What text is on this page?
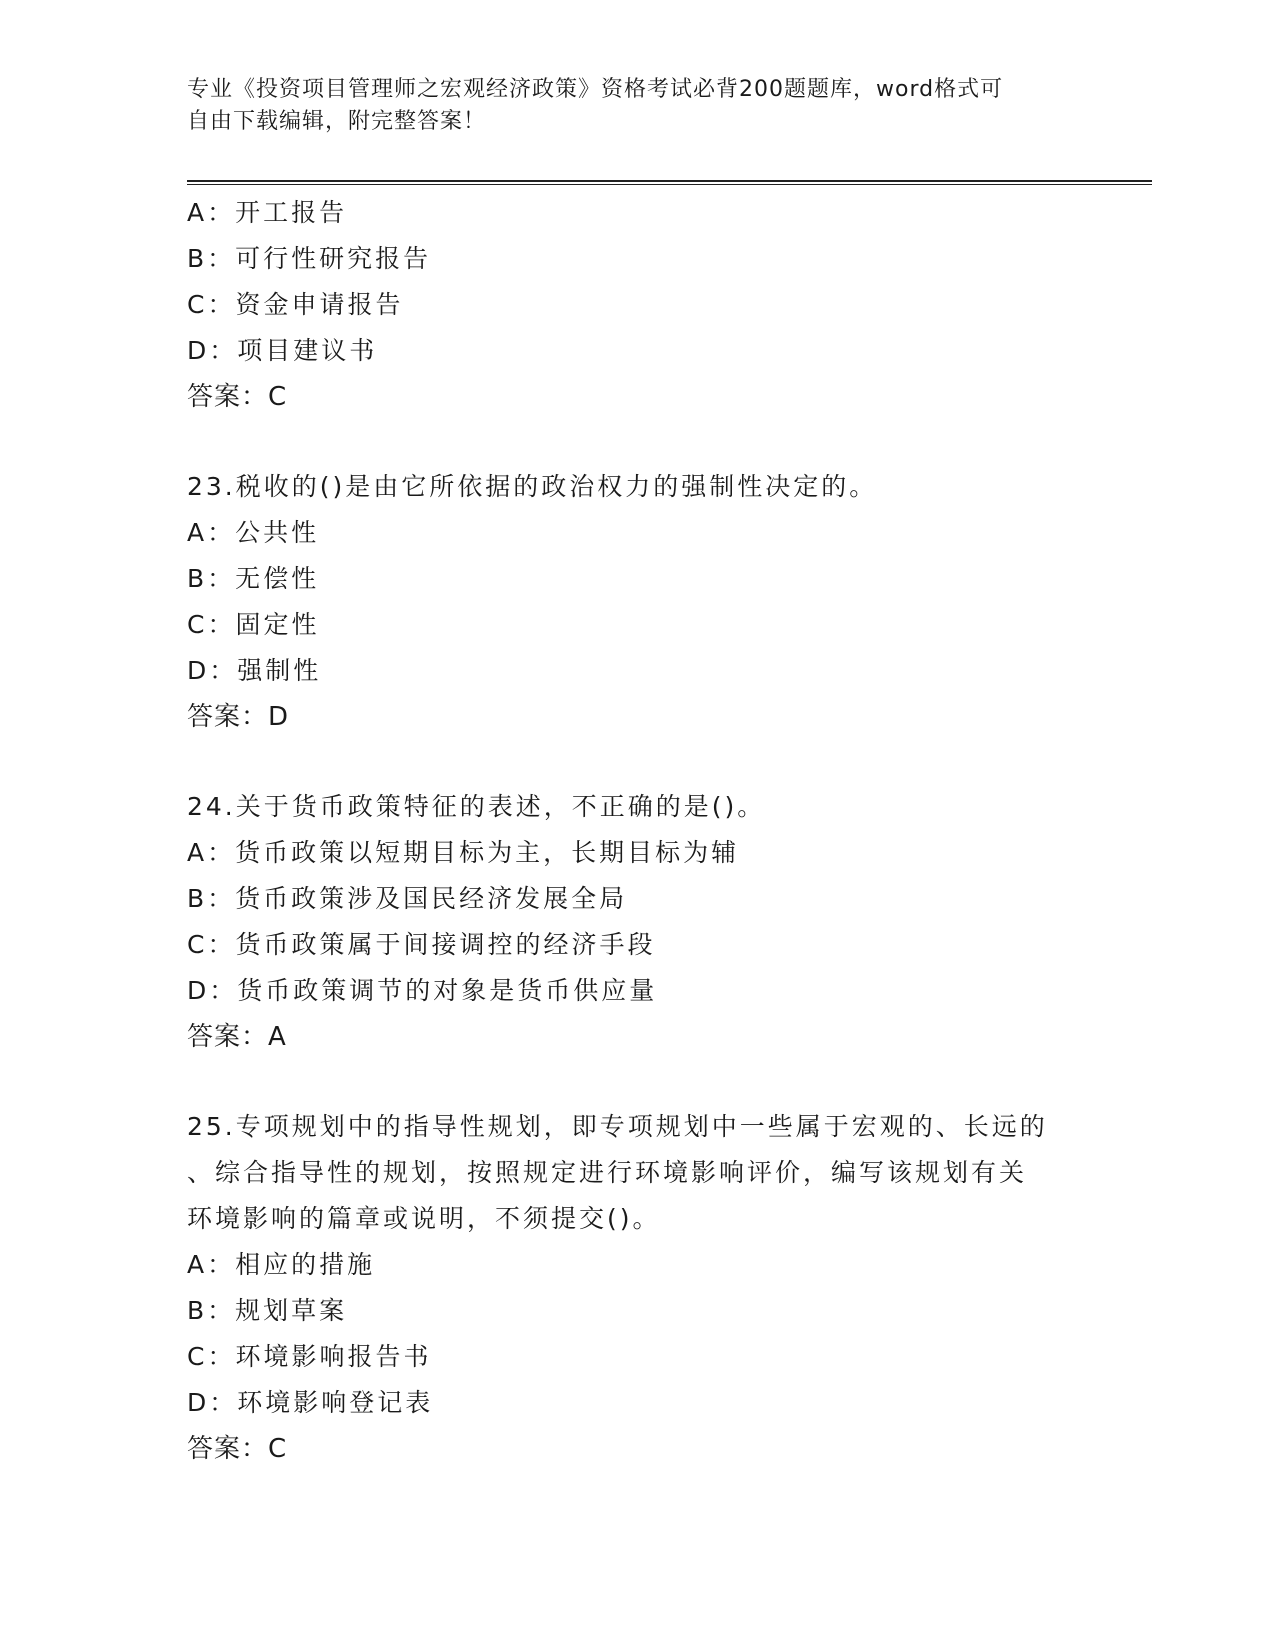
专业《投资项目管理师之宏观经济政策》资格考试必背200题题库，word格式可
自由下载编辑，附完整答案！
A：开工报告
B：可行性研究报告
C：资金申请报告
D：项目建议书
答案：C
23.税收的()是由它所依据的政治权力的强制性决定的。
A：公共性
B：无偿性
C：固定性
D：强制性
答案：D
24.关于货币政策特征的表述，不正确的是()。
A：货币政策以短期目标为主，长期目标为辅
B：货币政策涉及国民经济发展全局
C：货币政策属于间接调控的经济手段
D：货币政策调节的对象是货币供应量
答案：A
25.专项规划中的指导性规划，即专项规划中一些属于宏观的、长远的
、综合指导性的规划，按照规定进行环境影响评价，编写该规划有关
环境影响的篇章或说明，不须提交()。
A：相应的措施
B：规划草案
C：环境影响报告书
D：环境影响登记表
答案：C
